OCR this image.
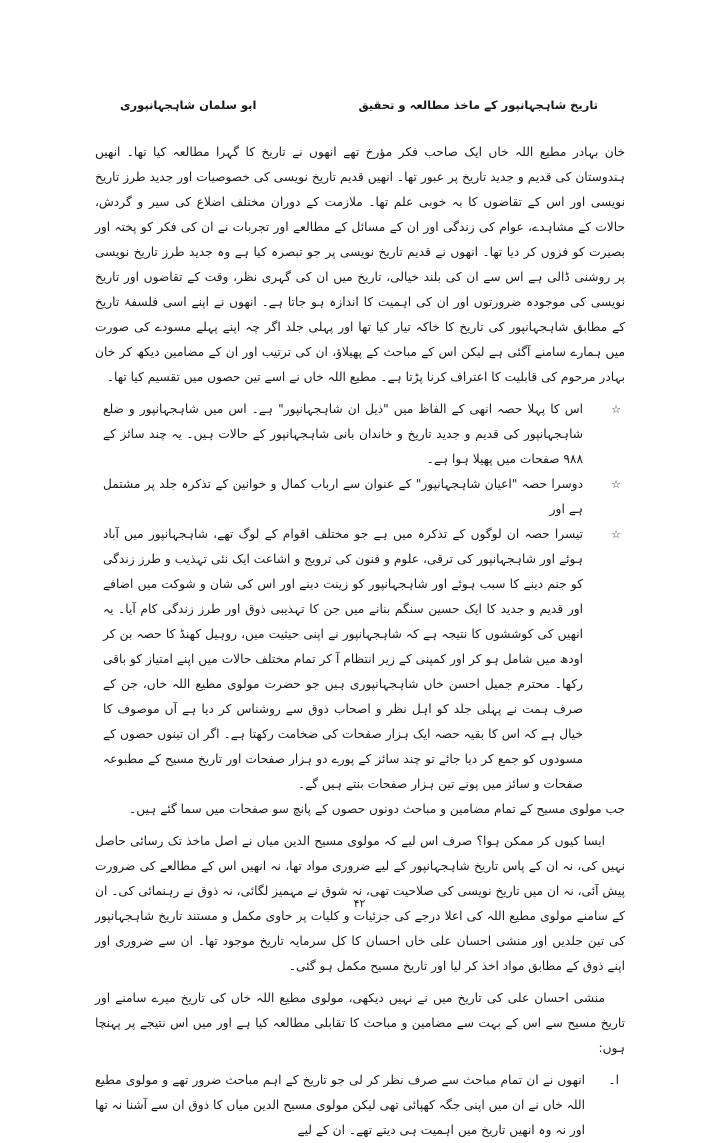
تاریخ شاہجہانپور کے ماخذ مطالعہ و تحقیق
ابو سلمان شاہجہانپوری

خان بہادر مطیع اللہ خاں ایک صاحب فکر مؤرخ تھے انھوں نے تاریخ کا گہرا مطالعہ کیا تھا۔ انھیں ہندوستان کی قدیم و جدید تاریخ پر عبور تھا۔ انھیں قدیم تاریخ نویسی کی خصوصیات اور جدید طرز تاریخ نویسی اور اس کے تقاضوں کا بہ خوبی علم تھا۔ ملازمت کے دوران مختلف اضلاع کی سیر و گردش، حالات کے مشاہدے، عوام کی زندگی اور ان کے مسائل کے مطالعے اور تجربات نے ان کی فکر کو پختہ اور بصیرت کو فزوں کر دیا تھا۔ انھوں نے قدیم تاریخ نویسی پر جو تبصرہ کیا ہے وہ جدید طرز تاریخ نویسی پر روشنی ڈالی ہے اس سے ان کی بلند خیالی، تاریخ میں ان کی گہری نظر، وقت کے تقاضوں اور تاریخ نویسی کی موجودہ ضرورتوں اور ان کی اہمیت کا اندازہ ہو جاتا ہے۔ انھوں نے اپنے اسی فلسفۂ تاریخ کے مطابق شاہجہانپور کی تاریخ کا خاکہ تیار کیا تھا اور پہلی جلد اگر چہ اپنے پہلے مسودے کی صورت میں ہمارے سامنے آگئی ہے لیکن اس کے مباحث کے پھیلاؤ، ان کی ترتیب اور ان کے مضامین دیکھ کر خان بہادر مرحوم کی قابلیت کا اعتراف کرنا پڑتا ہے۔ مطیع اللہ خاں نے اسے تین حصوں میں تقسیم کیا تھا۔

☆
اس کا پہلا حصہ انھی کے الفاظ میں "ذیل ان شاہجہانپور" ہے۔ اس میں شاہجہانپور و ضلع شاہجہانپور کی قدیم و جدید تاریخ و خاندان بانی شاہجہانپور کے حالات ہیں۔ یہ چند سائز کے ۹۸۸ صفحات میں پھیلا ہوا ہے۔
☆
دوسرا حصہ "اعیان شاہجہانپور" کے عنوان سے ارباب کمال و خوانین کے تذکرہ جلد پر مشتمل ہے اور
☆
تیسرا حصہ ان لوگوں کے تذکرہ میں ہے جو مختلف اقوام کے لوگ تھے، شاہجہانپور میں آباد ہوئے اور شاہجہانپور کی ترقی، علوم و فنون کی ترویج و اشاعت ایک نئی تہذیب و طرز زندگی کو جنم دینے کا سبب ہوئے اور شاہجہانپور کو زینت دینے اور اس کی شان و شوکت میں اضافے اور قدیم و جدید کا ایک حسین سنگم بنانے میں جن کا تہذیبی ذوق اور طرز زندگی کام آیا۔ یہ انھیں کی کوششوں کا نتیجہ ہے کہ شاہجہانپور نے اپنی حیثیت میں، روہیل کھنڈ کا حصہ بن کر اودھ میں شامل ہو کر اور کمپنی کے زیر انتظام آ کر تمام مختلف حالات میں اپنے امتیاز کو باقی رکھا۔ محترم جمیل احسن خاں شاہجہانپوری ہیں جو حضرت مولوی مطیع اللہ خاں، جن کے صرف ہمت نے پہلی جلد کو اہل نظر و اصحاب ذوق سے روشناس کر دیا ہے آں موصوف کا خیال ہے کہ اس کا بقیہ حصہ ایک ہزار صفحات کی ضخامت رکھتا ہے۔ اگر ان تینوں حصوں کے مسودوں کو جمع کر دیا جائے تو چند سائز کے پورے دو ہزار صفحات اور تاریخ مسیح کے مطبوعہ صفحات و سائز میں پونے تین ہزار صفحات بنتے ہیں گے۔

جب مولوی مسیح کے تمام مضامین و مباحث دونوں حصوں کے پانچ سو صفحات میں سما گئے ہیں۔

ایسا کیوں کر ممکن ہوا؟ صرف اس لیے کہ مولوی مسیح الدین میاں نے اصل ماخذ تک رسائی حاصل نہیں کی، نہ ان کے پاس تاریخ شاہجہانپور کے لیے ضروری مواد تھا، نہ انھیں اس کے مطالعے کی ضرورت پیش آئی، نہ ان میں تاریخ نویسی کی صلاحیت تھی، نہ شوق نے مہمیز لگائی، نہ ذوق نے رہنمائی کی۔ ان کے سامنے مولوی مطیع اللہ کی اعلا درجے کی جزئیات و کلیات پر حاوی مکمل و مستند تاریخ شاہجہانپور کی تین جلدیں اور منشی احسان علی خاں احسان کا کل سرمایہ تاریخ موجود تھا۔ ان سے ضروری اور اپنے ذوق کے مطابق مواد اخذ کر لیا اور تاریخ مسیح مکمل ہو گئی۔

منشی احسان علی کی تاریخ میں نے نہیں دیکھی، مولوی مطیع اللہ خاں کی تاریخ میرے سامنے اور تاریخ مسیح سے اس کے بہت سے مضامین و مباحث کا تقابلی مطالعہ کیا ہے اور میں اس نتیجے پر پہنچا ہوں:

ا۔
انھوں نے ان تمام مباحث سے صرف نظر کر لی جو تاریخ کے اہم مباحث ضرور تھے و مولوی مطیع اللہ خاں نے ان میں اپنی جگہ کھپائی تھی لیکن مولوی مسیح الدین میاں کا ذوق ان سے آشنا نہ تھا اور نہ وہ انھیں تاریخ میں اہمیت ہی دیتے تھے۔ ان کے لیے
۴۲
